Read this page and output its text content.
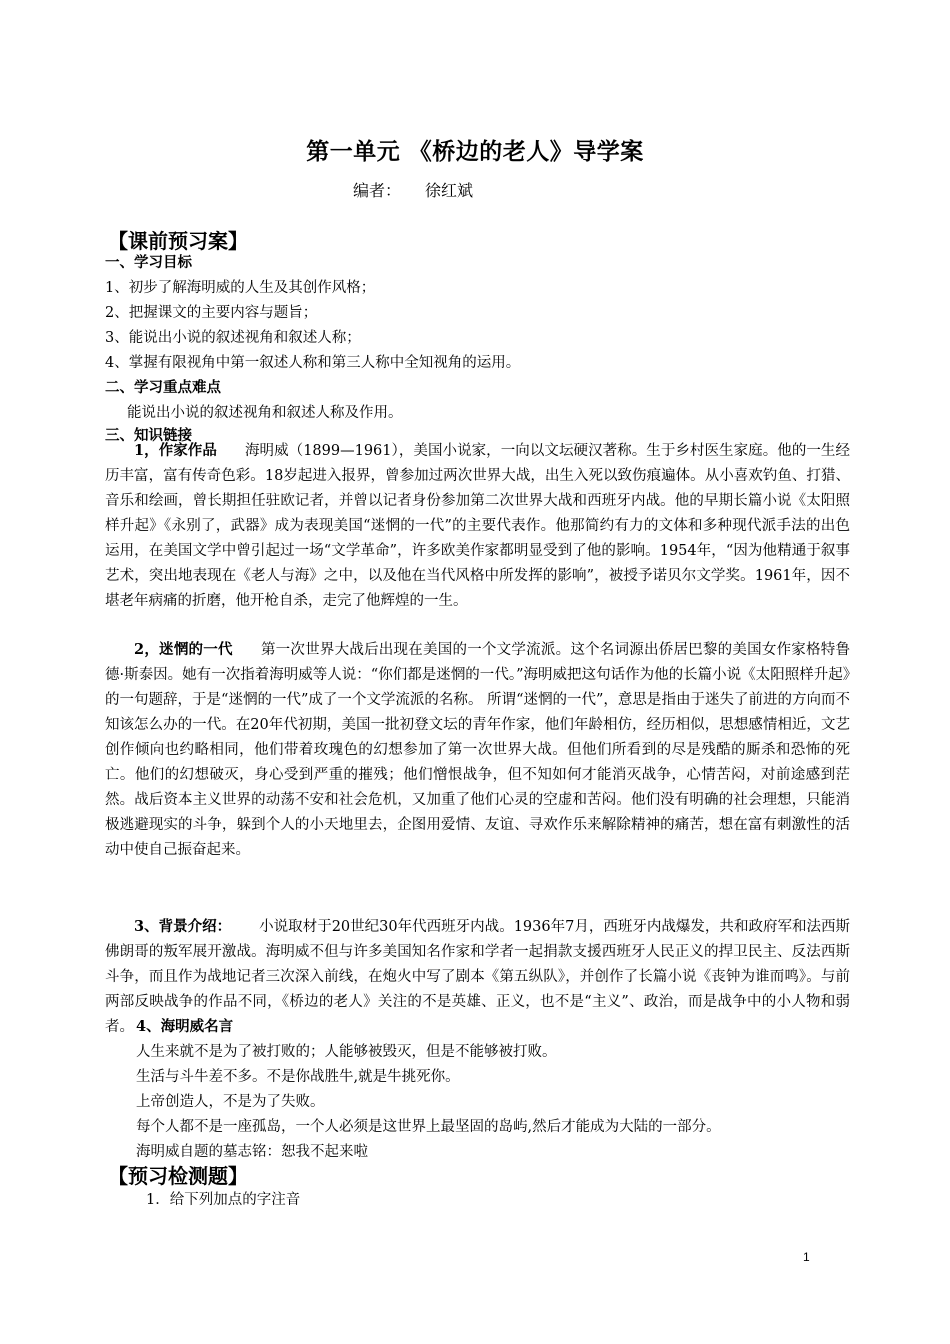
第一单元 《桥边的老人》导学案
编者： 徐红斌
【课前预习案】
一、学习目标
1、初步了解海明威的人生及其创作风格；
2、把握课文的主要内容与题旨；
3、能说出小说的叙述视角和叙述人称；
4、掌握有限视角中第一叙述人称和第三人称中全知视角的运用。
二、学习重点难点
能说出小说的叙述视角和叙述人称及作用。
三、知识链接
1，作家作品 海明威（1899—1961），美国小说家，一向以文坛硬汉著称。生于乡村医生家庭。他的一生经历丰富，富有传奇色彩。18岁起进入报界，曾参加过两次世界大战，出生入死以致伤痕遍体。从小喜欢钓鱼、打猎、音乐和绘画，曾长期担任驻欧记者，并曾以记者身份参加第二次世界大战和西班牙内战。他的早期长篇小说《太阳照样升起》《永别了，武器》成为表现美国“迷惘的一代”的主要代表作。他那简约有力的文体和多种现代派手法的出色运用，在美国文学中曾引起过一场“文学革命”，许多欧美作家都明显受到了他的影响。1954年，“因为他精通于叙事艺术，突出地表现在《老人与海》之中，以及他在当代风格中所发挥的影响”，被授予诺贝尔文学奖。1961年，因不堪老年病痛的折磨，他开枪自杀，走完了他辉煌的一生。
2，迷惘的一代 第一次世界大战后出现在美国的一个文学流派。这个名词源出侨居巴黎的美国女作家格特鲁德·斯泰因。她有一次指着海明威等人说：“你们都是迷惘的一代。”海明威把这句话作为他的长篇小说《太阳照样升起》的一句题辞，于是“迷惘的一代”成了一个文学流派的名称。 所谓“迷惘的一代”，意思是指由于迷失了前进的方向而不知该怎么办的一代。在20年代初期，美国一批初登文坛的青年作家，他们年龄相仿，经历相似，思想感情相近，文艺创作倾向也约略相同，他们带着玫瑰色的幻想参加了第一次世界大战。但他们所看到的尽是残酷的厮杀和恐怖的死亡。他们的幻想破灭，身心受到严重的摧残；他们憎恨战争，但不知如何才能消灭战争，心情苦闷，对前途感到茫然。战后资本主义世界的动荡不安和社会危机，又加重了他们心灵的空虚和苦闷。他们没有明确的社会理想，只能消极逃避现实的斗争，躲到个人的小天地里去，企图用爱情、友谊、寻欢作乐来解除精神的痛苦，想在富有刺激性的活动中使自己振奋起来。
3、背景介绍： 小说取材于20世纪30年代西班牙内战。1936年7月，西班牙内战爆发，共和政府军和法西斯佛朗哥的叛军展开激战。海明威不但与许多美国知名作家和学者一起捐款支援西班牙人民正义的捍卫民主、反法西斯斗争，而且作为战地记者三次深入前线，在炮火中写了剧本《第五纵队》，并创作了长篇小说《丧钟为谁而鸣》。与前两部反映战争的作品不同，《桥边的老人》关注的不是英雄、正义，也不是“主义”、政治，而是战争中的小人物和弱者。 4、海明威名言
人生来就不是为了被打败的；人能够被毁灭，但是不能够被打败。
生活与斗牛差不多。不是你战胜牛,就是牛挑死你。
上帝创造人，不是为了失败。
每个人都不是一座孤岛，一个人必须是这世界上最坚固的岛屿,然后才能成为大陆的一部分。
海明威自题的墓志铭：恕我不起来啦
【预习检测题】
1．给下列加点的字注音
1
